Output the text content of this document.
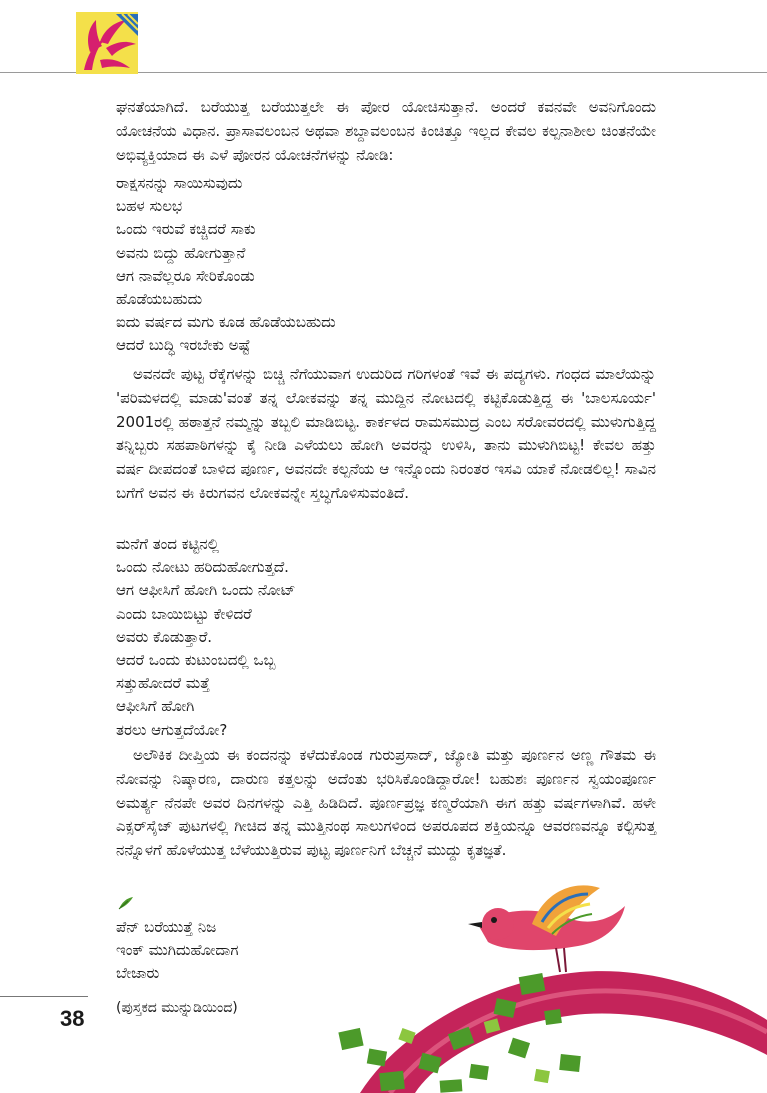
ಘನತೆಯಾಗಿದೆ. ಬರೆಯುತ್ತ ಬರೆಯುತ್ತಲೇ ಈ ಪೋರ ಯೋಚಿಸುತ್ತಾನೆ. ಅಂದರೆ ಕವನವೇ ಅವನಿಗೊಂದು ಯೋಚನೆಯ ವಿಧಾನ. ಪ್ರಾಸಾವಲಂಬನ ಅಥವಾ ಶಬ್ದಾವಲಂಬನ ಕಿಂಚಿತ್ತೂ ಇಲ್ಲದ ಕೇವಲ ಕಲ್ಪನಾಶೀಲ ಚಿಂತನೆಯೇ ಅಭಿವ್ಯಕ್ತಿಯಾದ ಈ ಎಳೆ ಪೋರನ ಯೋಚನೆಗಳನ್ನು ನೋಡಿ:

ರಾಕ್ಷಸನನ್ನು ಸಾಯಿಸುವುದು
ಬಹಳ ಸುಲಭ
ಒಂದು ಇರುವೆ ಕಚ್ಚಿದರೆ ಸಾಕು
ಅವನು ಬಿದ್ದು ಹೋಗುತ್ತಾನೆ
ಆಗ ನಾವೆಲ್ಲರೂ ಸೇರಿಕೊಂಡು
ಹೊಡೆಯಬಹುದು
ಐದು ವರ್ಷದ ಮಗು ಕೂಡ ಹೊಡೆಯಬಹುದು
ಆದರೆ ಬುದ್ಧಿ ಇರಬೇಕು ಅಷ್ಟೆ

ಅವನದೇ ಪುಟ್ಟ ರೆಕ್ಕೆಗಳನ್ನು ಬಿಚ್ಚಿ ನೆಗೆಯುವಾಗ ಉದುರಿದ ಗರಿಗಳಂತೆ ಇವೆ ಈ ಪದ್ಯಗಳು. ಗಂಧದ ಮಾಲೆಯನ್ನು 'ಪರಿಮಳದಲ್ಲಿ ಮಾಡು'ವಂತೆ ತನ್ನ ಲೋಕವನ್ನು ತನ್ನ ಮುದ್ದಿನ ನೋಟದಲ್ಲಿ ಕಟ್ಟಿಕೊಡುತ್ತಿದ್ದ ಈ 'ಬಾಲಸೂರ್ಯ' 2001ರಲ್ಲಿ ಹಠಾತ್ತನೆ ನಮ್ಮನ್ನು ತಬ್ಬಲಿ ಮಾಡಿಬಿಟ್ಟ. ಕಾರ್ಕಳದ ರಾಮಸಮುದ್ರ ಎಂಬ ಸರೋವರದಲ್ಲಿ ಮುಳುಗುತ್ತಿದ್ದ ತನ್ನಿಬ್ಬರು ಸಹಪಾಠಿಗಳನ್ನು ಕೈ ನೀಡಿ ಎಳೆಯಲು ಹೋಗಿ ಅವರನ್ನು ಉಳಿಸಿ, ತಾನು ಮುಳುಗಿಬಿಟ್ಟ! ಕೇವಲ ಹತ್ತು ವರ್ಷ ದೀಪದಂತೆ ಬಾಳಿದ ಪೂರ್ಣ, ಅವನದೇ ಕಲ್ಪನೆಯ ಆ ಇನ್ನೊಂದು ನಿರಂತರ ಇಸವಿ ಯಾಕೆ ನೋಡಲಿಲ್ಲ! ಸಾವಿನ ಬಗೆಗೆ ಅವನ ಈ ಕಿರುಗವನ ಲೋಕವನ್ನೇ ಸ್ತಬ್ಧಗೊಳಿಸುವಂತಿದೆ.

ಮನೆಗೆ ತಂದ ಕಟ್ಟಿನಲ್ಲಿ
ಒಂದು ನೋಟು ಹರಿದುಹೋಗುತ್ತದೆ.
ಆಗ ಆಫೀಸಿಗೆ ಹೋಗಿ ಒಂದು ನೋಟ್
ಎಂದು ಬಾಯಿಬಿಟ್ಟು ಕೇಳಿದರೆ
ಅವರು ಕೊಡುತ್ತಾರೆ.
ಆದರೆ ಒಂದು ಕುಟುಂಬದಲ್ಲಿ ಒಬ್ಬ
ಸತ್ತುಹೋದರೆ ಮತ್ತೆ
ಆಫೀಸಿಗೆ ಹೋಗಿ
ತರಲು ಆಗುತ್ತದೆಯೋ?

ಅಲೌಕಿಕ ದೀಪ್ತಿಯ ಈ ಕಂದನನ್ನು ಕಳೆದುಕೊಂಡ ಗುರುಪ್ರಸಾದ್, ಜ್ಯೋತಿ ಮತ್ತು ಪೂರ್ಣನ ಅಣ್ಣ ಗೌತಮ ಈ ನೋವನ್ನು ನಿಷ್ಕಾರಣ, ದಾರುಣ ಕತ್ತಲನ್ನು ಅದೆಂತು ಭರಿಸಿಕೊಂಡಿದ್ದಾರೋ! ಬಹುಶಃ ಪೂರ್ಣನ ಸ್ವಯಂಪೂರ್ಣ ಅಮರ್ತ್ಯ ನೆನಪೇ ಅವರ ದಿನಗಳನ್ನು ಎತ್ತಿ ಹಿಡಿದಿದೆ. ಪೂರ್ಣಪ್ರಜ್ಞ ಕಣ್ಮರೆಯಾಗಿ ಈಗ ಹತ್ತು ವರ್ಷಗಳಾಗಿವೆ. ಹಳೇ ಎಕ್ಸರ್‌ಸೈಜ್ ಪುಟಗಳಲ್ಲಿ ಗೀಚಿದ ತನ್ನ ಮುತ್ತಿನಂಥ ಸಾಲುಗಳಿಂದ ಅಪರೂಪದ ಶಕ್ತಿಯನ್ನೂ ಆವರಣವನ್ನೂ ಕಲ್ಪಿಸುತ್ತ ನನ್ನೊಳಗೆ ಹೊಳೆಯುತ್ತ ಬೆಳೆಯುತ್ತಿರುವ ಪುಟ್ಟ ಪೂರ್ಣನಿಗೆ ಬೆಚ್ಚನೆ ಮುದ್ದು ಕೃತಜ್ಞತೆ.

ಪೆನ್ ಬರೆಯುತ್ತೆ ನಿಜ
ಇಂಕ್ ಮುಗಿದುಹೋದಾಗ
ಬೇಜಾರು
38 (ಪುಸ್ತಕದ ಮುನ್ನುಡಿಯಿಂದ)
